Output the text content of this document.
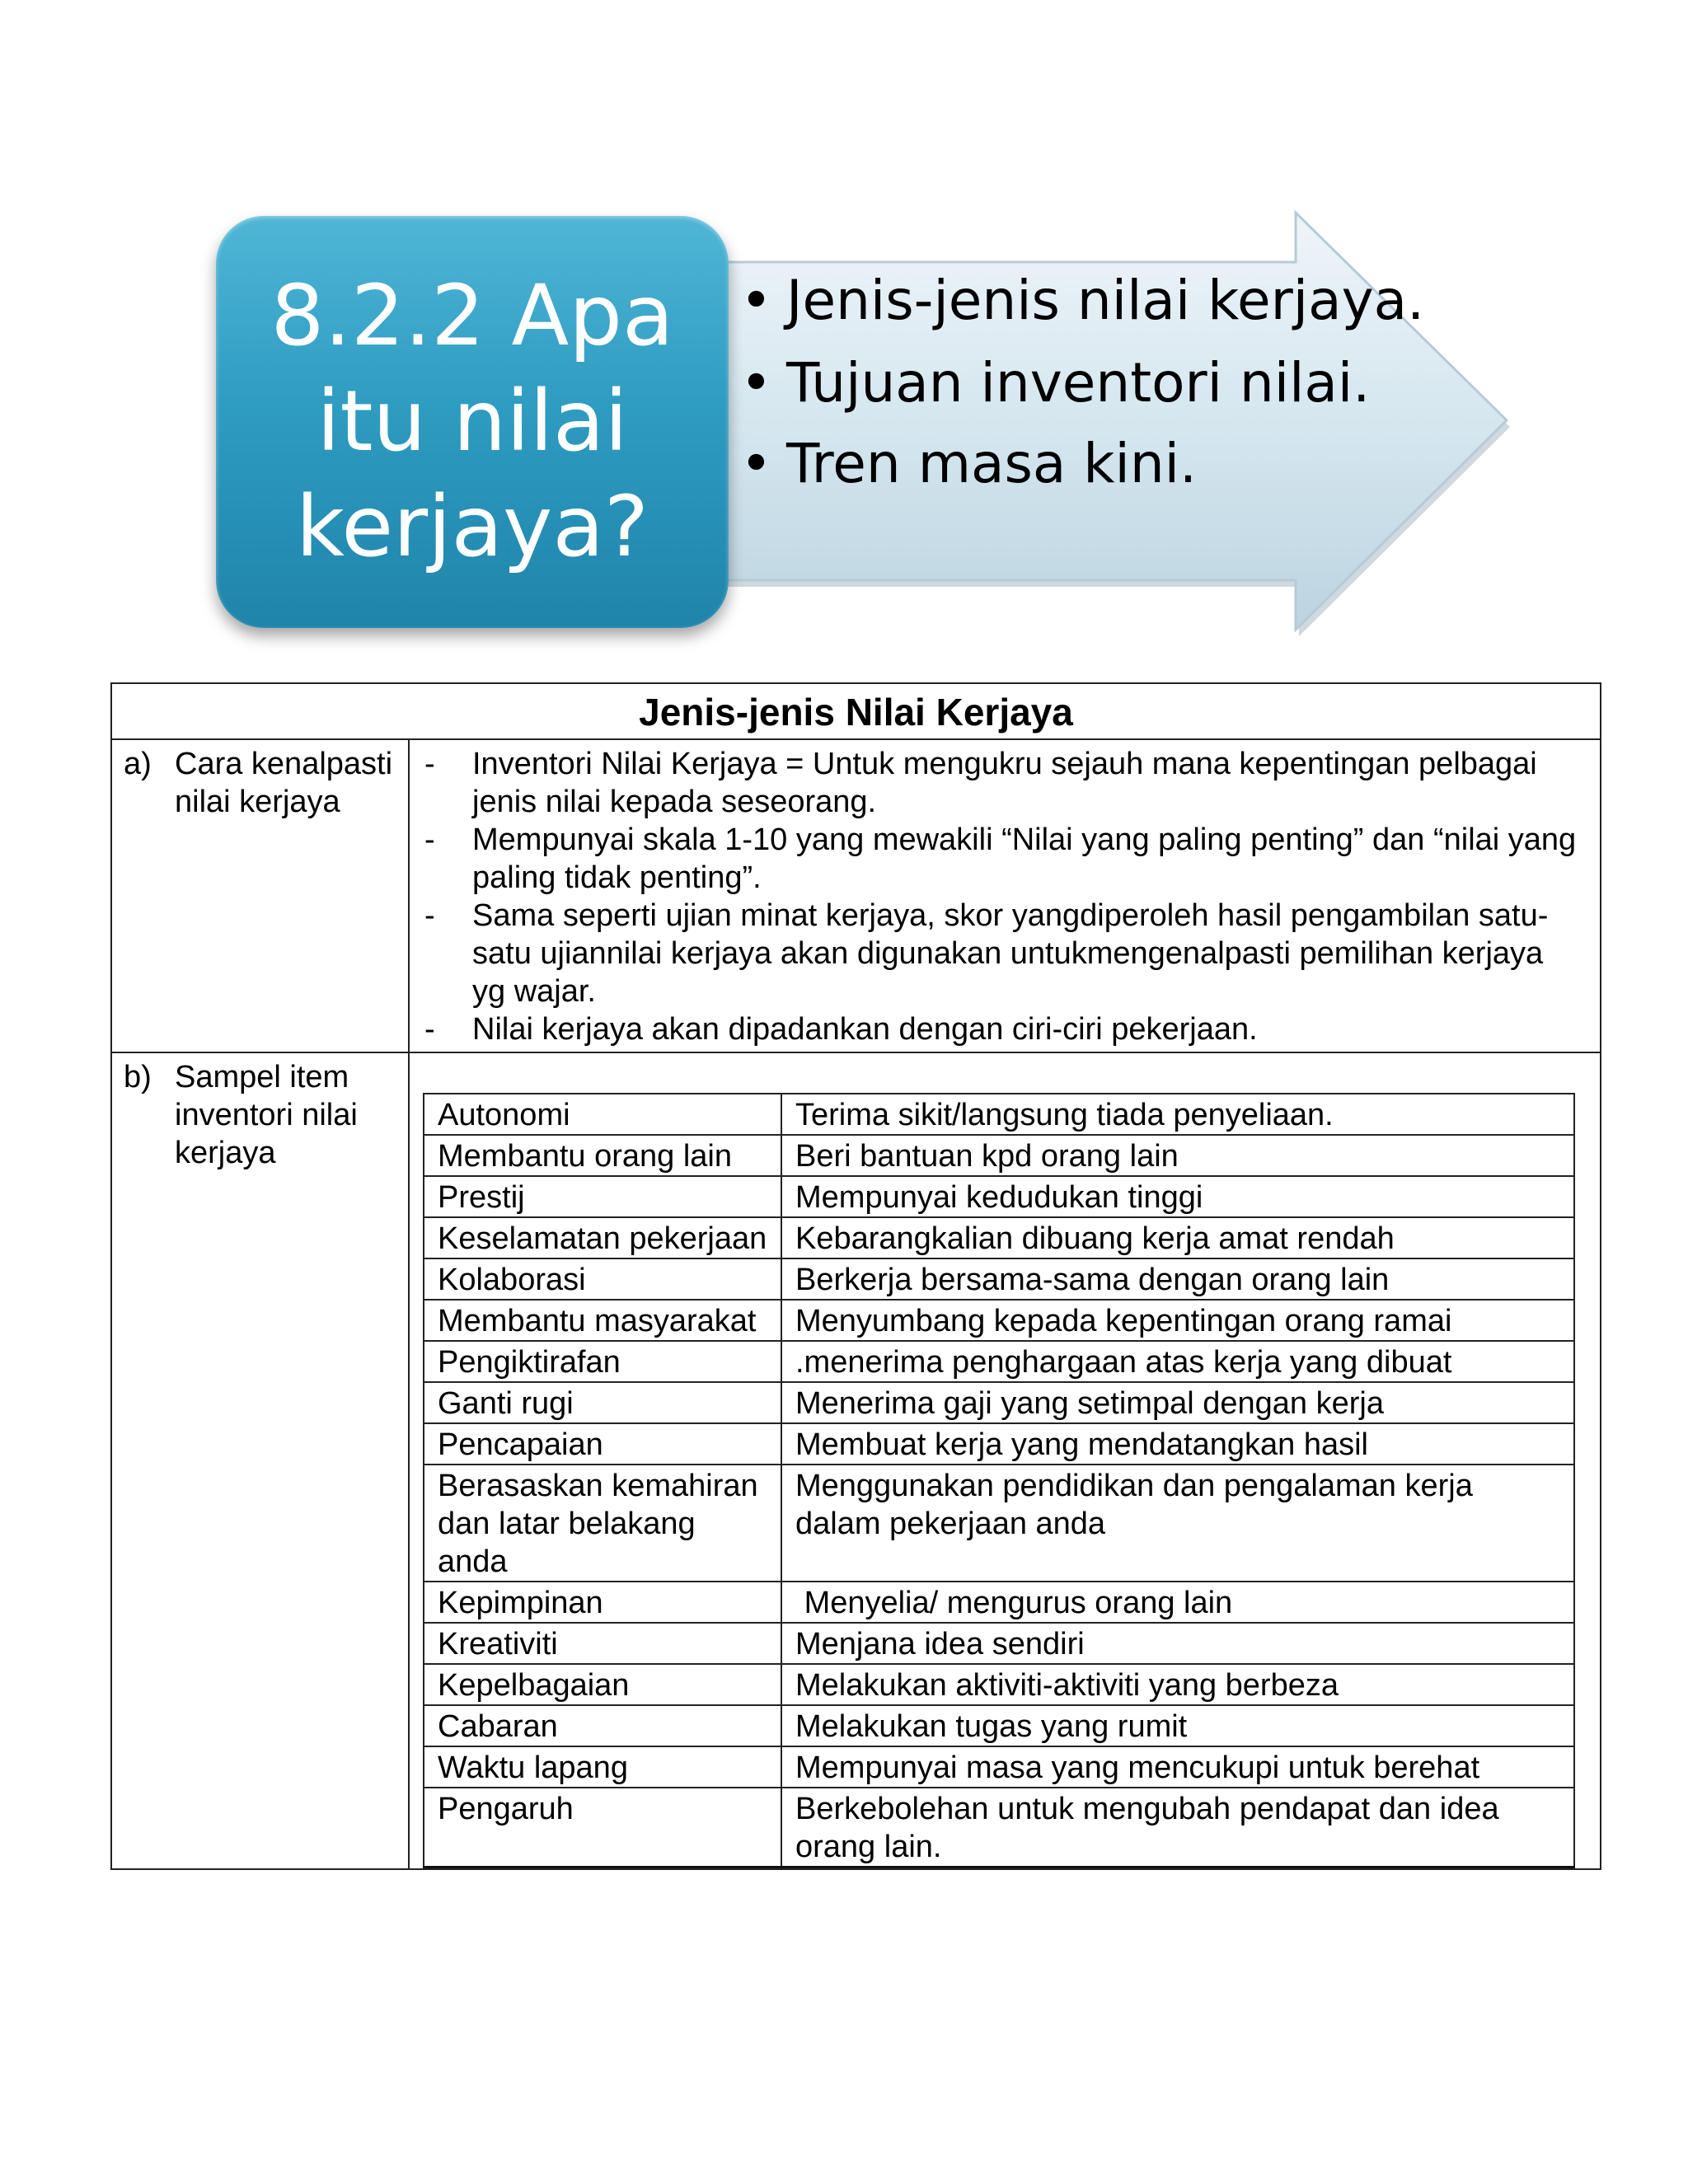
8.2.2 Apa itu nilai kerjaya?
• Jenis-jenis nilai kerjaya.
• Tujuan inventori nilai.
• Tren masa kini.
Jenis-jenis Nilai Kerjaya

a) Cara kenalpasti nilai kerjaya

-	Inventori Nilai Kerjaya = Untuk mengukru sejauh mana kepentingan pelbagai jenis nilai kepada seseorang.
-	Mempunyai skala 1-10 yang mewakili “Nilai yang paling penting” dan “nilai yang paling tidak penting”.
-	Sama seperti ujian minat kerjaya, skor yangdiperoleh hasil pengambilan satu-satu ujiannilai kerjaya akan digunakan untukmengenalpasti pemilihan kerjaya yg wajar.
-	Nilai kerjaya akan dipadankan dengan ciri-ciri pekerjaan.

b) Sampel item inventori nilai kerjaya

Autonomi	Terima sikit/langsung tiada penyeliaan.
Membantu orang lain	Beri bantuan kpd orang lain
Prestij	Mempunyai kedudukan tinggi
Keselamatan pekerjaan	Kebarangkalian dibuang kerja amat rendah
Kolaborasi	Berkerja bersama-sama dengan orang lain
Membantu masyarakat	Menyumbang kepada kepentingan orang ramai
Pengiktirafan	.menerima penghargaan atas kerja yang dibuat
Ganti rugi	Menerima gaji yang setimpal dengan kerja
Pencapaian	Membuat kerja yang mendatangkan hasil
Berasaskan kemahiran dan latar belakang anda	Menggunakan pendidikan dan pengalaman kerja dalam pekerjaan anda
Kepimpinan	Menyelia/ mengurus orang lain
Kreativiti	Menjana idea sendiri
Kepelbagaian	Melakukan aktiviti-aktiviti yang berbeza
Cabaran	Melakukan tugas yang rumit
Waktu lapang	Mempunyai masa yang mencukupi untuk berehat
Pengaruh	Berkebolehan untuk mengubah pendapat dan idea orang lain.
